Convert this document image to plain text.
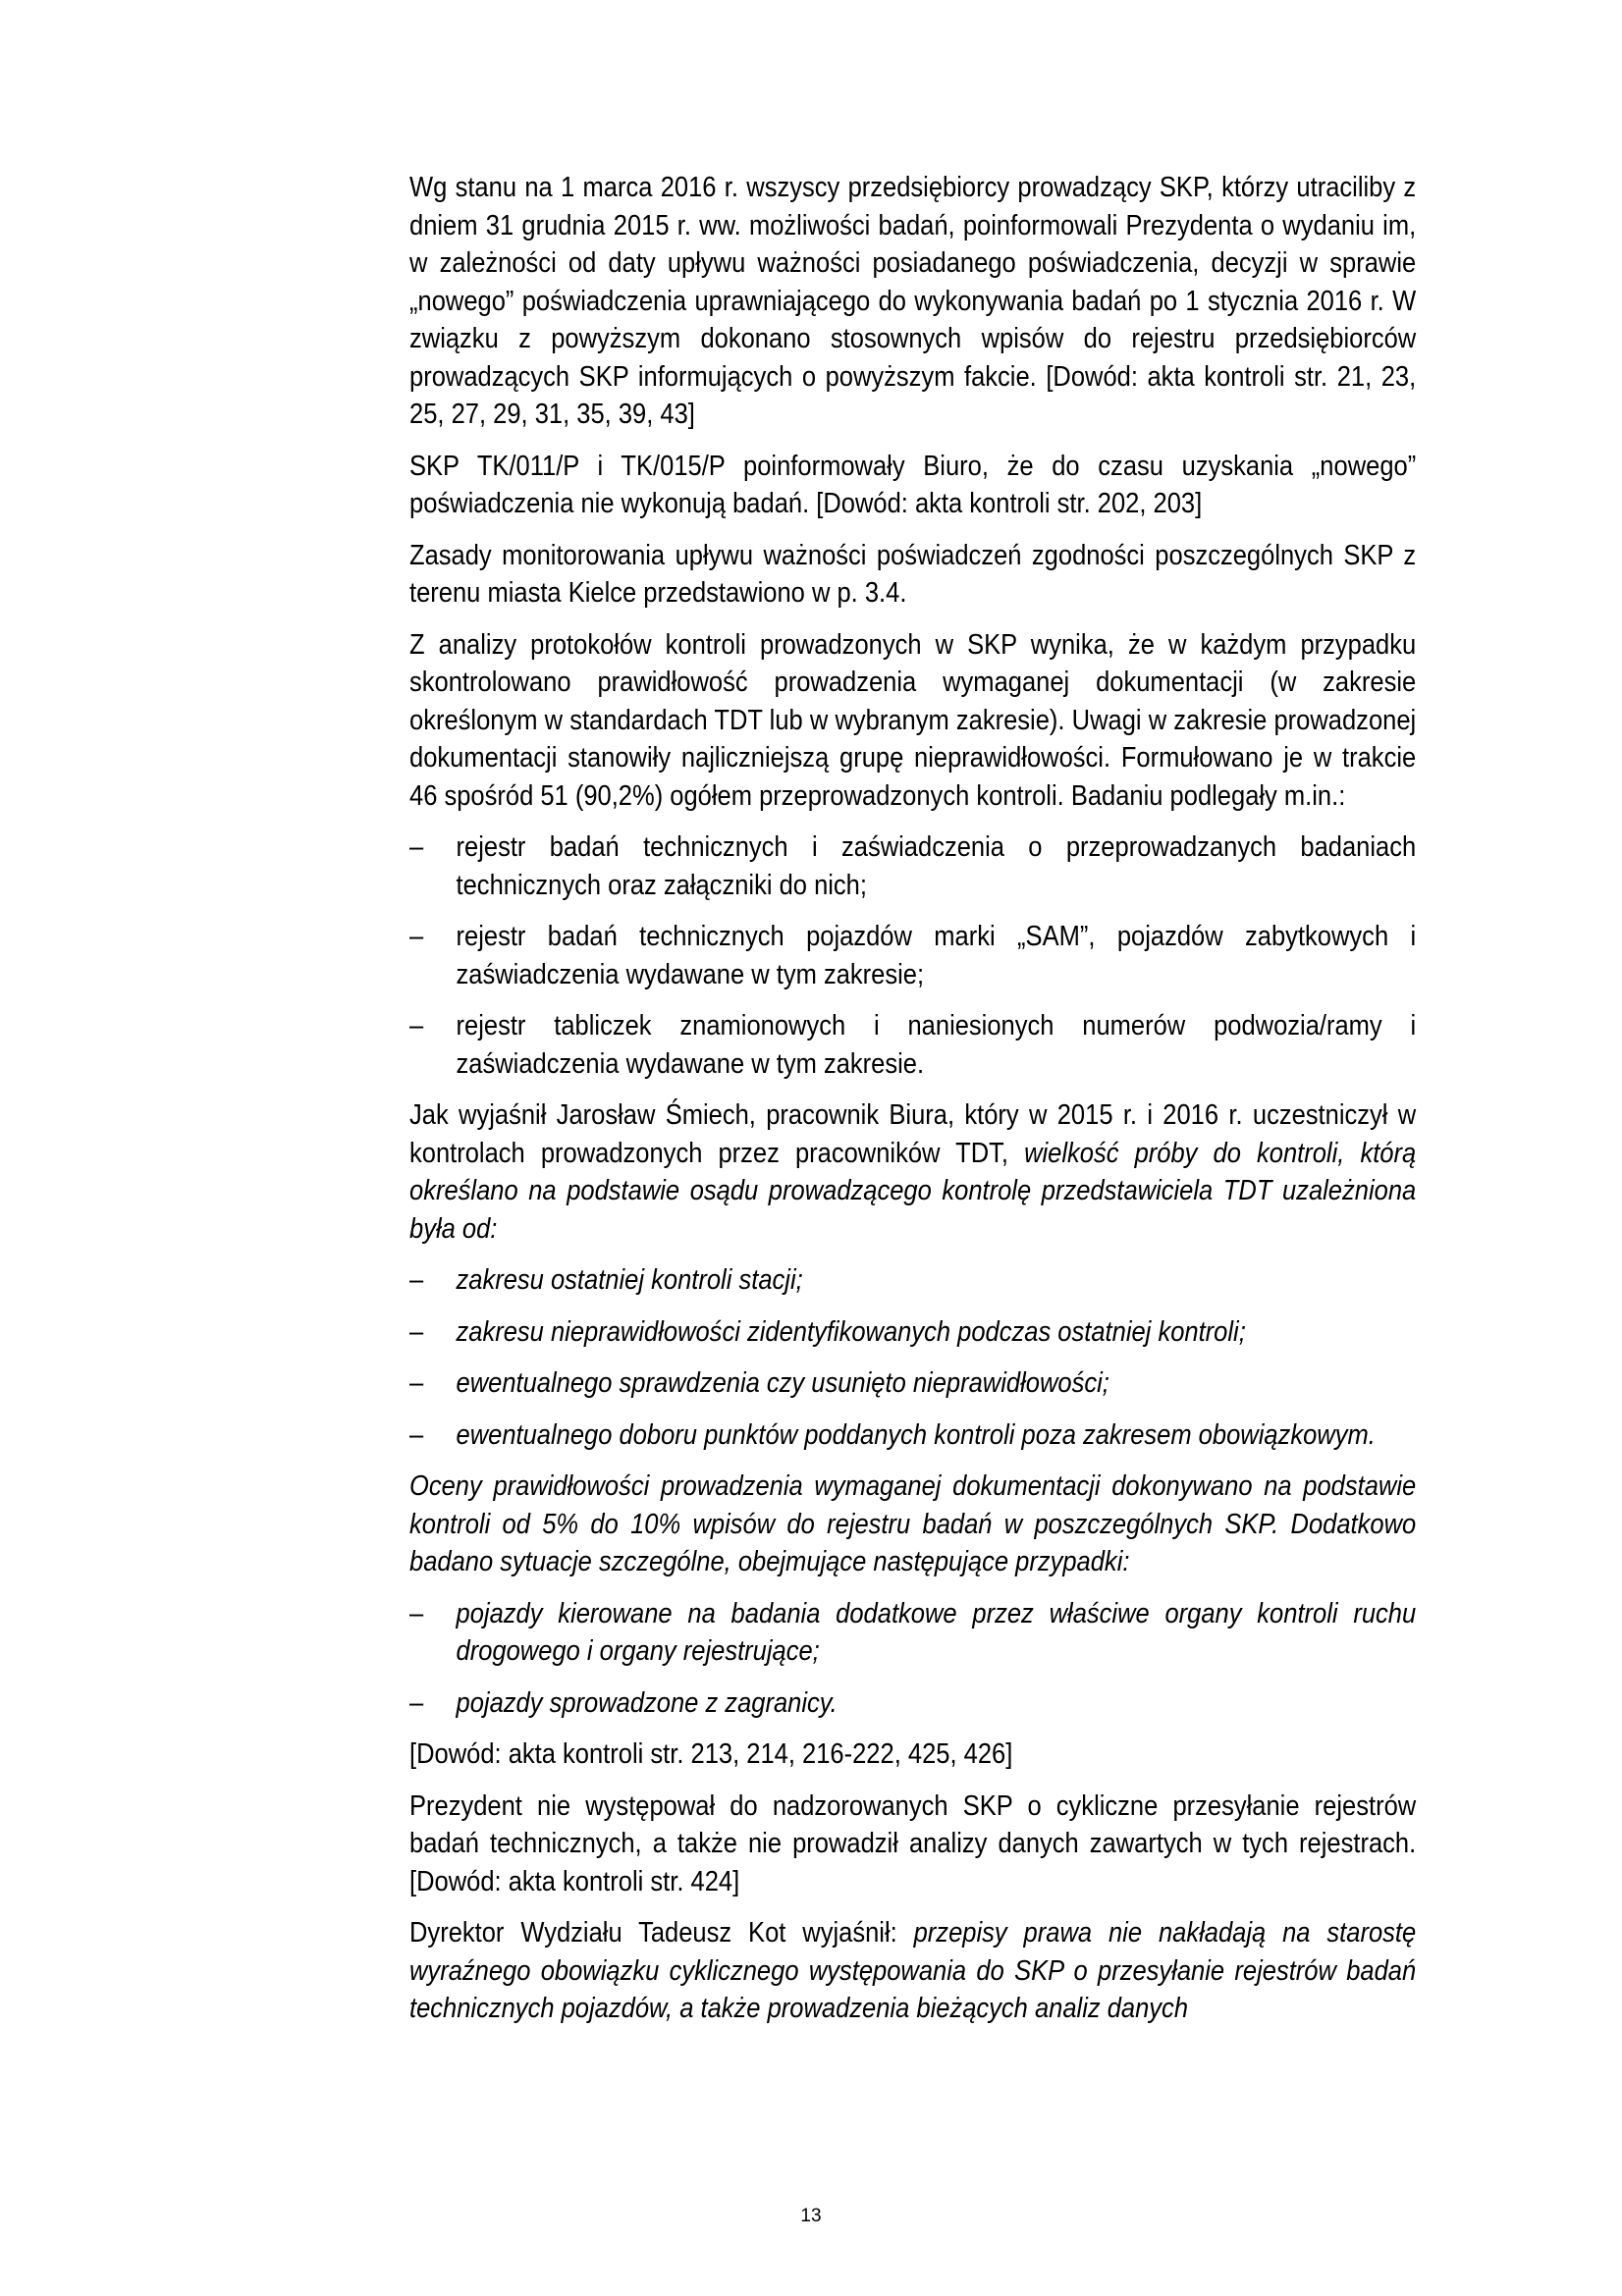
Wg stanu na 1 marca 2016 r. wszyscy przedsiębiorcy prowadzący SKP, którzy utraciliby z dniem 31 grudnia 2015 r. ww. możliwości badań, poinformowali Prezydenta o wydaniu im, w zależności od daty upływu ważności posiadanego poświadczenia, decyzji w sprawie „nowego” poświadczenia uprawniającego do wykonywania badań po 1 stycznia 2016 r. W związku z powyższym dokonano stosownych wpisów do rejestru przedsiębiorców prowadzących SKP informujących o powyższym fakcie. [Dowód: akta kontroli str. 21, 23, 25, 27, 29, 31, 35, 39, 43]

SKP TK/011/P i TK/015/P poinformowały Biuro, że do czasu uzyskania „nowego” poświadczenia nie wykonują badań. [Dowód: akta kontroli str. 202, 203]

Zasady monitorowania upływu ważności poświadczeń zgodności poszczególnych SKP z terenu miasta Kielce przedstawiono w p. 3.4.

Z analizy protokołów kontroli prowadzonych w SKP wynika, że w każdym przypadku skontrolowano prawidłowość prowadzenia wymaganej dokumentacji (w zakresie określonym w standardach TDT lub w wybranym zakresie). Uwagi w zakresie prowadzonej dokumentacji stanowiły najliczniejszą grupę nieprawidłowości. Formułowano je w trakcie 46 spośród 51 (90,2%) ogółem przeprowadzonych kontroli. Badaniu podlegały m.in.:

– rejestr badań technicznych i zaświadczenia o przeprowadzanych badaniach technicznych oraz załączniki do nich;
– rejestr badań technicznych pojazdów marki „SAM”, pojazdów zabytkowych i zaświadczenia wydawane w tym zakresie;
– rejestr tabliczek znamionowych i naniesionych numerów podwozia/ramy i zaświadczenia wydawane w tym zakresie.

Jak wyjaśnił Jarosław Śmiech, pracownik Biura, który w 2015 r. i 2016 r. uczestniczył w kontrolach prowadzonych przez pracowników TDT, wielkość próby do kontroli, którą określano na podstawie osądu prowadzącego kontrolę przedstawiciela TDT uzależniona była od:

– zakresu ostatniej kontroli stacji;
– zakresu nieprawidłowości zidentyfikowanych podczas ostatniej kontroli;
– ewentualnego sprawdzenia czy usunięto nieprawidłowości;
– ewentualnego doboru punktów poddanych kontroli poza zakresem obowiązkowym.

Oceny prawidłowości prowadzenia wymaganej dokumentacji dokonywano na podstawie kontroli od 5% do 10% wpisów do rejestru badań w poszczególnych SKP. Dodatkowo badano sytuacje szczególne, obejmujące następujące przypadki:

– pojazdy kierowane na badania dodatkowe przez właściwe organy kontroli ruchu drogowego i organy rejestrujące;
– pojazdy sprowadzone z zagranicy.

[Dowód: akta kontroli str. 213, 214, 216-222, 425, 426]

Prezydent nie występował do nadzorowanych SKP o cykliczne przesyłanie rejestrów badań technicznych, a także nie prowadził analizy danych zawartych w tych rejestrach. [Dowód: akta kontroli str. 424]

Dyrektor Wydziału Tadeusz Kot wyjaśnił: przepisy prawa nie nakładają na starostę wyraźnego obowiązku cyklicznego występowania do SKP o przesyłanie rejestrów badań technicznych pojazdów, a także prowadzenia bieżących analiz danych

13
